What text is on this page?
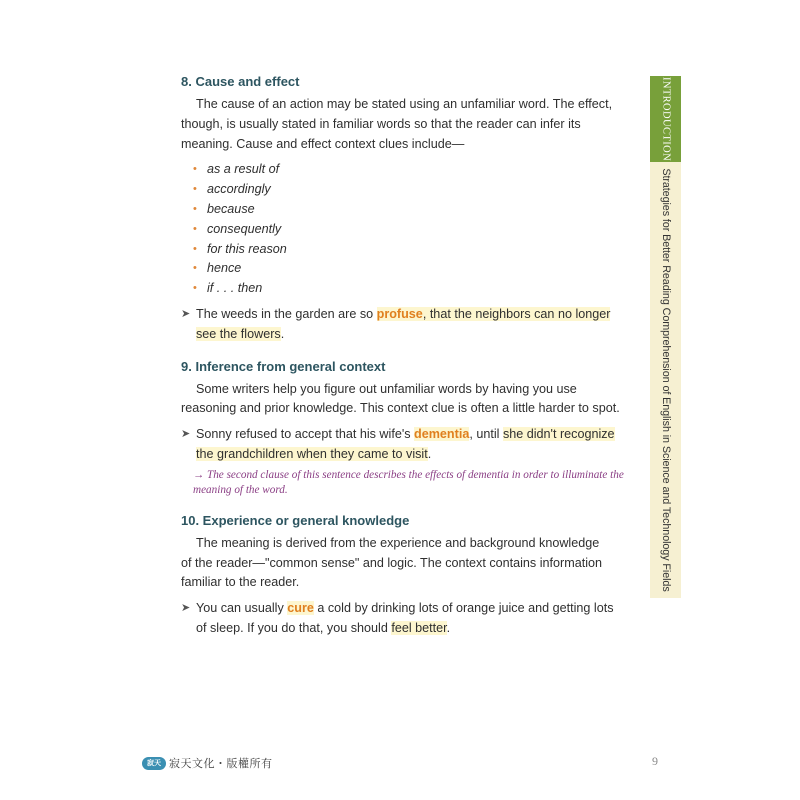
8. Cause and effect

The cause of an action may be stated using an unfamiliar word. The effect, though, is usually stated in familiar words so that the reader can infer its meaning. Cause and effect context clues include—

• as a result of
• accordingly
• because
• consequently
• for this reason
• hence
• if . . . then

➤ The weeds in the garden are so profuse, that the neighbors can no longer see the flowers.

9. Inference from general context

Some writers help you figure out unfamiliar words by having you use reasoning and prior knowledge. This context clue is often a little harder to spot.

➤ Sonny refused to accept that his wife's dementia, until she didn't recognize the grandchildren when they came to visit.

→ The second clause of this sentence describes the effects of dementia in order to illuminate the meaning of the word.

10. Experience or general knowledge

The meaning is derived from the experience and background knowledge
of the reader—"common sense" and logic. The context contains information familiar to the reader.

➤ You can usually cure a cold by drinking lots of orange juice and getting lots of sleep. If you do that, you should feel better.

INTRODUCTION
Strategies for Better Reading Comprehension of English in Science and Technology Fields
寂天 寂天文化・版權所有	9
